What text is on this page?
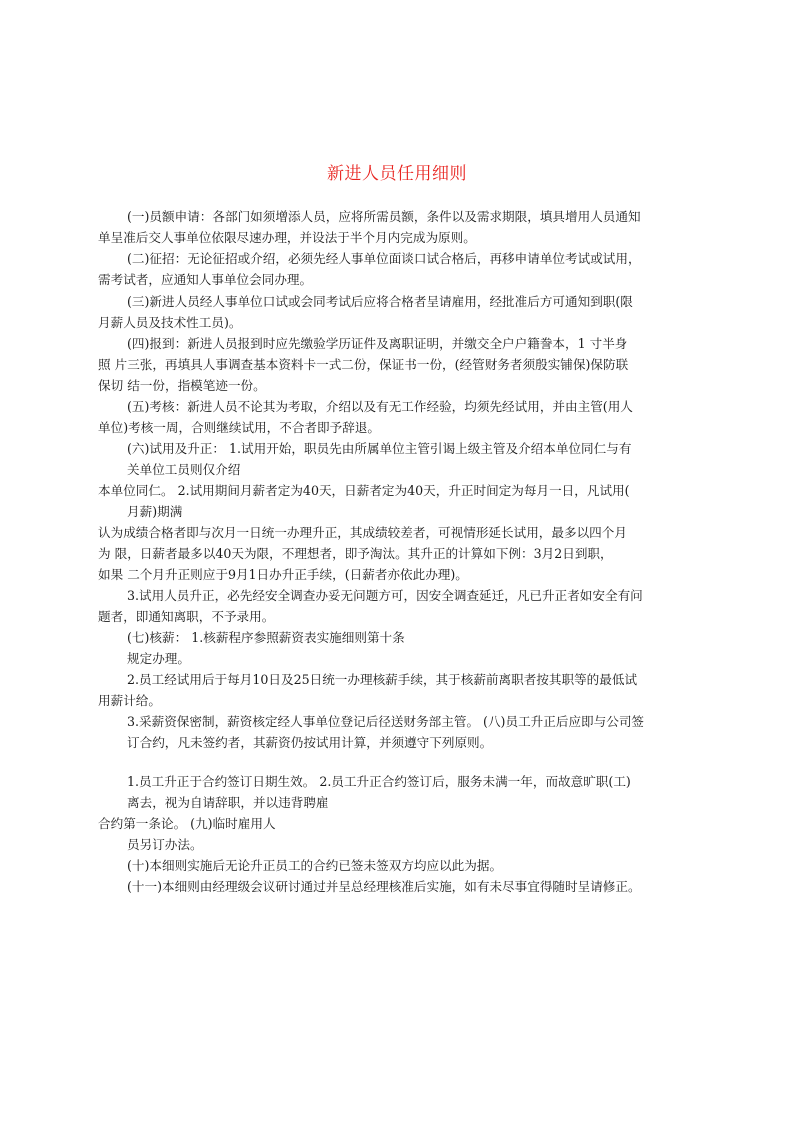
新进人员任用细则
(一)员额申请：各部门如须增添人员，应将所需员额，条件以及需求期限，填具增用人员通知
单呈准后交人事单位依限尽速办理，并设法于半个月内完成为原则。
(二)征招：无论征招或介绍，必须先经人事单位面谈口试合格后，再移申请单位考试或试用，
需考试者，应通知人事单位会同办理。
(三)新进人员经人事单位口试或会同考试后应将合格者呈请雇用，经批准后方可通知到职(限
月薪人员及技术性工员)。
(四)报到：新进人员报到时应先缴验学历证件及离职证明，并缴交全户户籍誊本，1 寸半身
照 片三张，再填具人事调查基本资料卡一式二份，保证书一份，(经管财务者须殷实铺保)保防联
保切 结一份，指模笔迹一份。
(五)考核：新进人员不论其为考取，介绍以及有无工作经验，均须先经试用，并由主管(用人
单位)考核一周，合则继续试用，不合者即予辞退。
(六)试用及升正： 1.试用开始，职员先由所属单位主管引谒上级主管及介绍本单位同仁与有
关单位工员则仅介绍
本单位同仁。 2.试用期间月薪者定为40天，日薪者定为40天，升正时间定为每月一日，凡试用(
月薪)期满
认为成绩合格者即与次月一日统一办理升正，其成绩较差者，可视情形延长试用，最多以四个月
为 限，日薪者最多以40天为限，不理想者，即予淘汰。其升正的计算如下例：3月2日到职，
如果 二个月升正则应于9月1日办升正手续，(日薪者亦依此办理)。
3.试用人员升正，必先经安全调查办妥无问题方可，因安全调查延迁，凡已升正者如安全有问
题者，即通知离职，不予录用。
(七)核薪： 1.核薪程序参照薪资表实施细则第十条
规定办理。
2.员工经试用后于每月10日及25日统一办理核薪手续，其于核薪前离职者按其职等的最低试
用薪计给。
3.采薪资保密制，薪资核定经人事单位登记后径送财务部主管。 (八)员工升正后应即与公司签
订合约，凡未签约者，其薪资仍按试用计算，并须遵守下列原则。
1.员工升正于合约签订日期生效。 2.员工升正合约签订后，服务未满一年，而故意旷职(工)
离去，视为自请辞职，并以违背聘雇
合约第一条论。 (九)临时雇用人
员另订办法。
(十)本细则实施后无论升正员工的合约已签未签双方均应以此为据。
(十一)本细则由经理级会议研讨通过并呈总经理核准后实施，如有未尽事宜得随时呈请修正。
